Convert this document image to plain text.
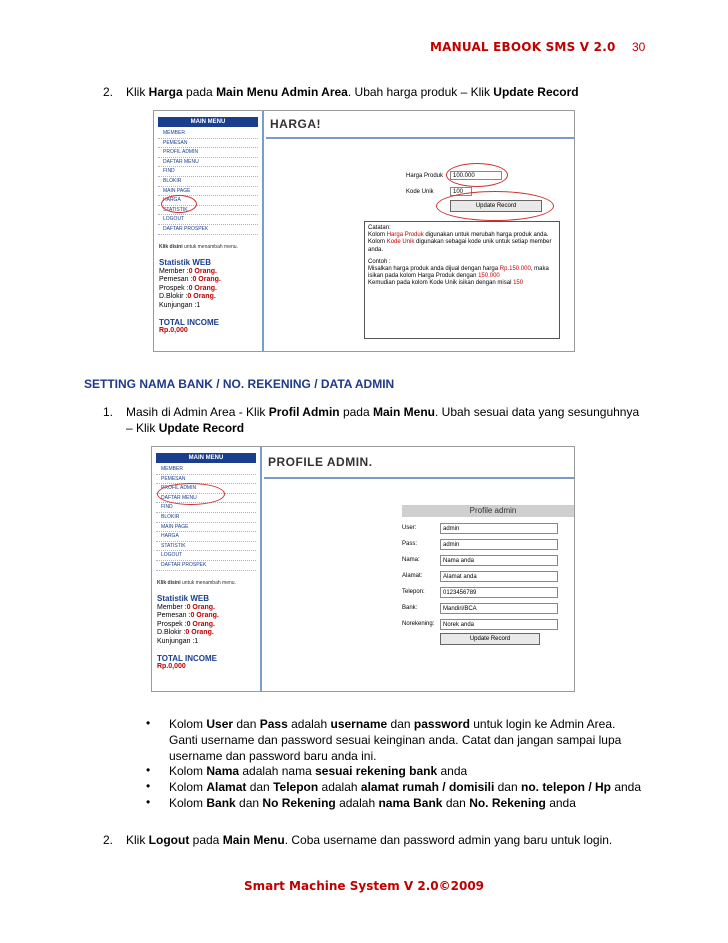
MANUAL EBOOK SMS V 2.0 30
2. Klik Harga pada Main Menu Admin Area. Ubah harga produk – Klik Update Record
MAIN MENU
MEMBER
PEMESAN
PROFIL ADMIN
DAFTAR MENU
FIND
BLOKIR
MAIN PAGE
HARGA
STATISTIK
LOGOUT
DAFTAR PROSPEK
Klik disini untuk menambah menu.
Statistik WEB
Member :0 Orang.
Pemesan :0 Orang.
Prospek :0 Orang.
D.Blokir :0 Orang.
Kunjungan :1
TOTAL INCOME
Rp.0,000
HARGA!
Harga Produk	100.000
Kode Unik	100
Update Record
Catatan:
Kolom Harga Produk digunakan untuk merubah harga produk anda.
Kolom Kode Unik digunakan sebagai kode unik untuk setiap member anda.
Contoh :
Misalkan harga produk anda dijual dengan harga Rp.150.000, maka isikan pada kolom Harga Produk dengan 150.000
Kemudian pada kolom Kode Unik isikan dengan misal 150
SETTING NAMA BANK / NO. REKENING / DATA ADMIN
1. Masih di Admin Area - Klik Profil Admin pada Main Menu. Ubah sesuai data yang sesunguhnya
– Klik Update Record
MAIN MENU
MEMBER
PEMESAN
PROFIL ADMIN
DAFTAR MENU
FIND
BLOKIR
MAIN PAGE
HARGA
STATISTIK
LOGOUT
DAFTAR PROSPEK
Klik disini untuk menambah menu.
Statistik WEB
Member :0 Orang.
Pemesan :0 Orang.
Prospek :0 Orang.
D.Blokir :0 Orang.
Kunjungan :1
TOTAL INCOME
Rp.0,000
PROFILE ADMIN.
Profile admin
User:	admin
Pass:	admin
Nama:	Nama anda
Alamat:	Alamat anda
Telepon:	0123456789
Bank:	Mandiri/BCA
Norekening:	Norek anda
Update Record
• Kolom User dan Pass adalah username dan password untuk login ke Admin Area.
Ganti username dan password sesuai keinginan anda. Catat dan jangan sampai lupa
username dan password baru anda ini.
• Kolom Nama adalah nama sesuai rekening bank anda
• Kolom Alamat dan Telepon adalah alamat rumah / domisili dan no. telepon / Hp anda
• Kolom Bank dan No Rekening adalah nama Bank dan No. Rekening anda
2. Klik Logout pada Main Menu. Coba username dan password admin yang baru untuk login.
Smart Machine System V 2.0©2009
